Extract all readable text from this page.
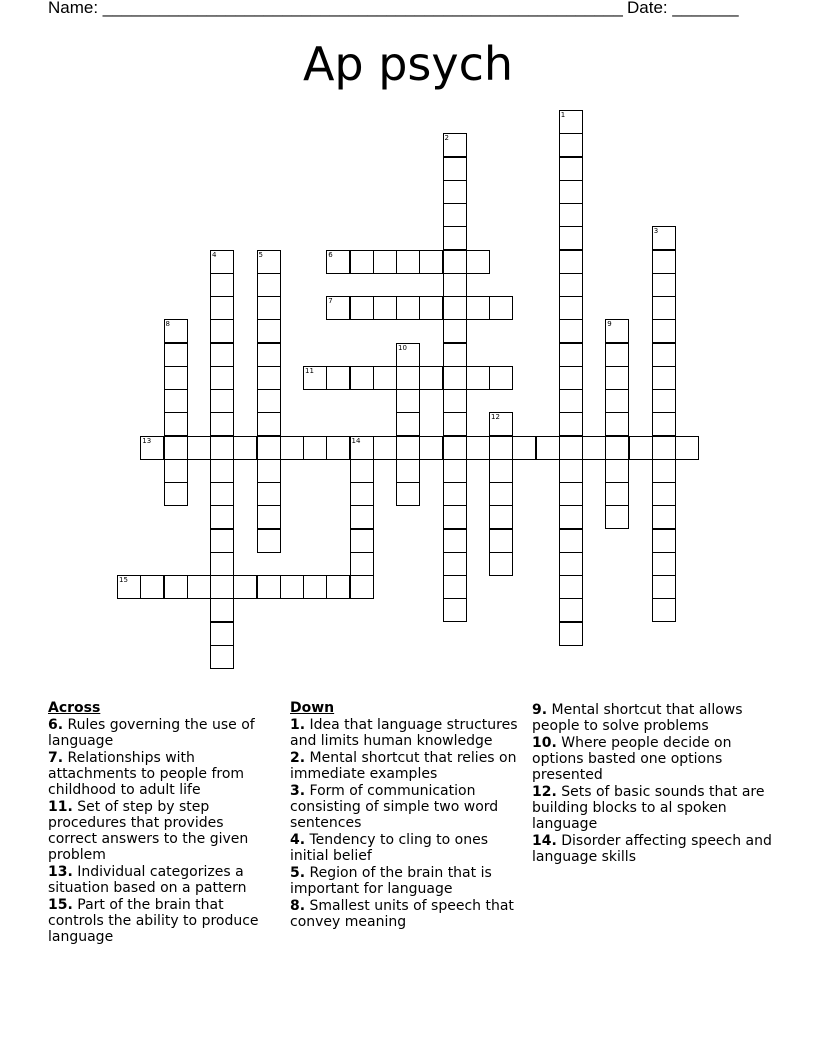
Name: _______________________________________________________ Date: _______
Ap psych
1
2
3
4	5	6
7
8	9
10
11
12
13	14
15
Across
6. Rules governing the use of language
7. Relationships with attachments to people from childhood to adult life
11. Set of step by step procedures that provides correct answers to the given problem
13. Individual categorizes a situation based on a pattern
15. Part of the brain that controls the ability to produce language
Down
1. Idea that language structures and limits human knowledge
2. Mental shortcut that relies on immediate examples
3. Form of communication consisting of simple two word sentences
4. Tendency to cling to ones initial belief
5. Region of the brain that is important for language
8. Smallest units of speech that convey meaning
9. Mental shortcut that allows people to solve problems
10. Where people decide on options basted one options presented
12. Sets of basic sounds that are building blocks to al spoken language
14. Disorder affecting speech and language skills
